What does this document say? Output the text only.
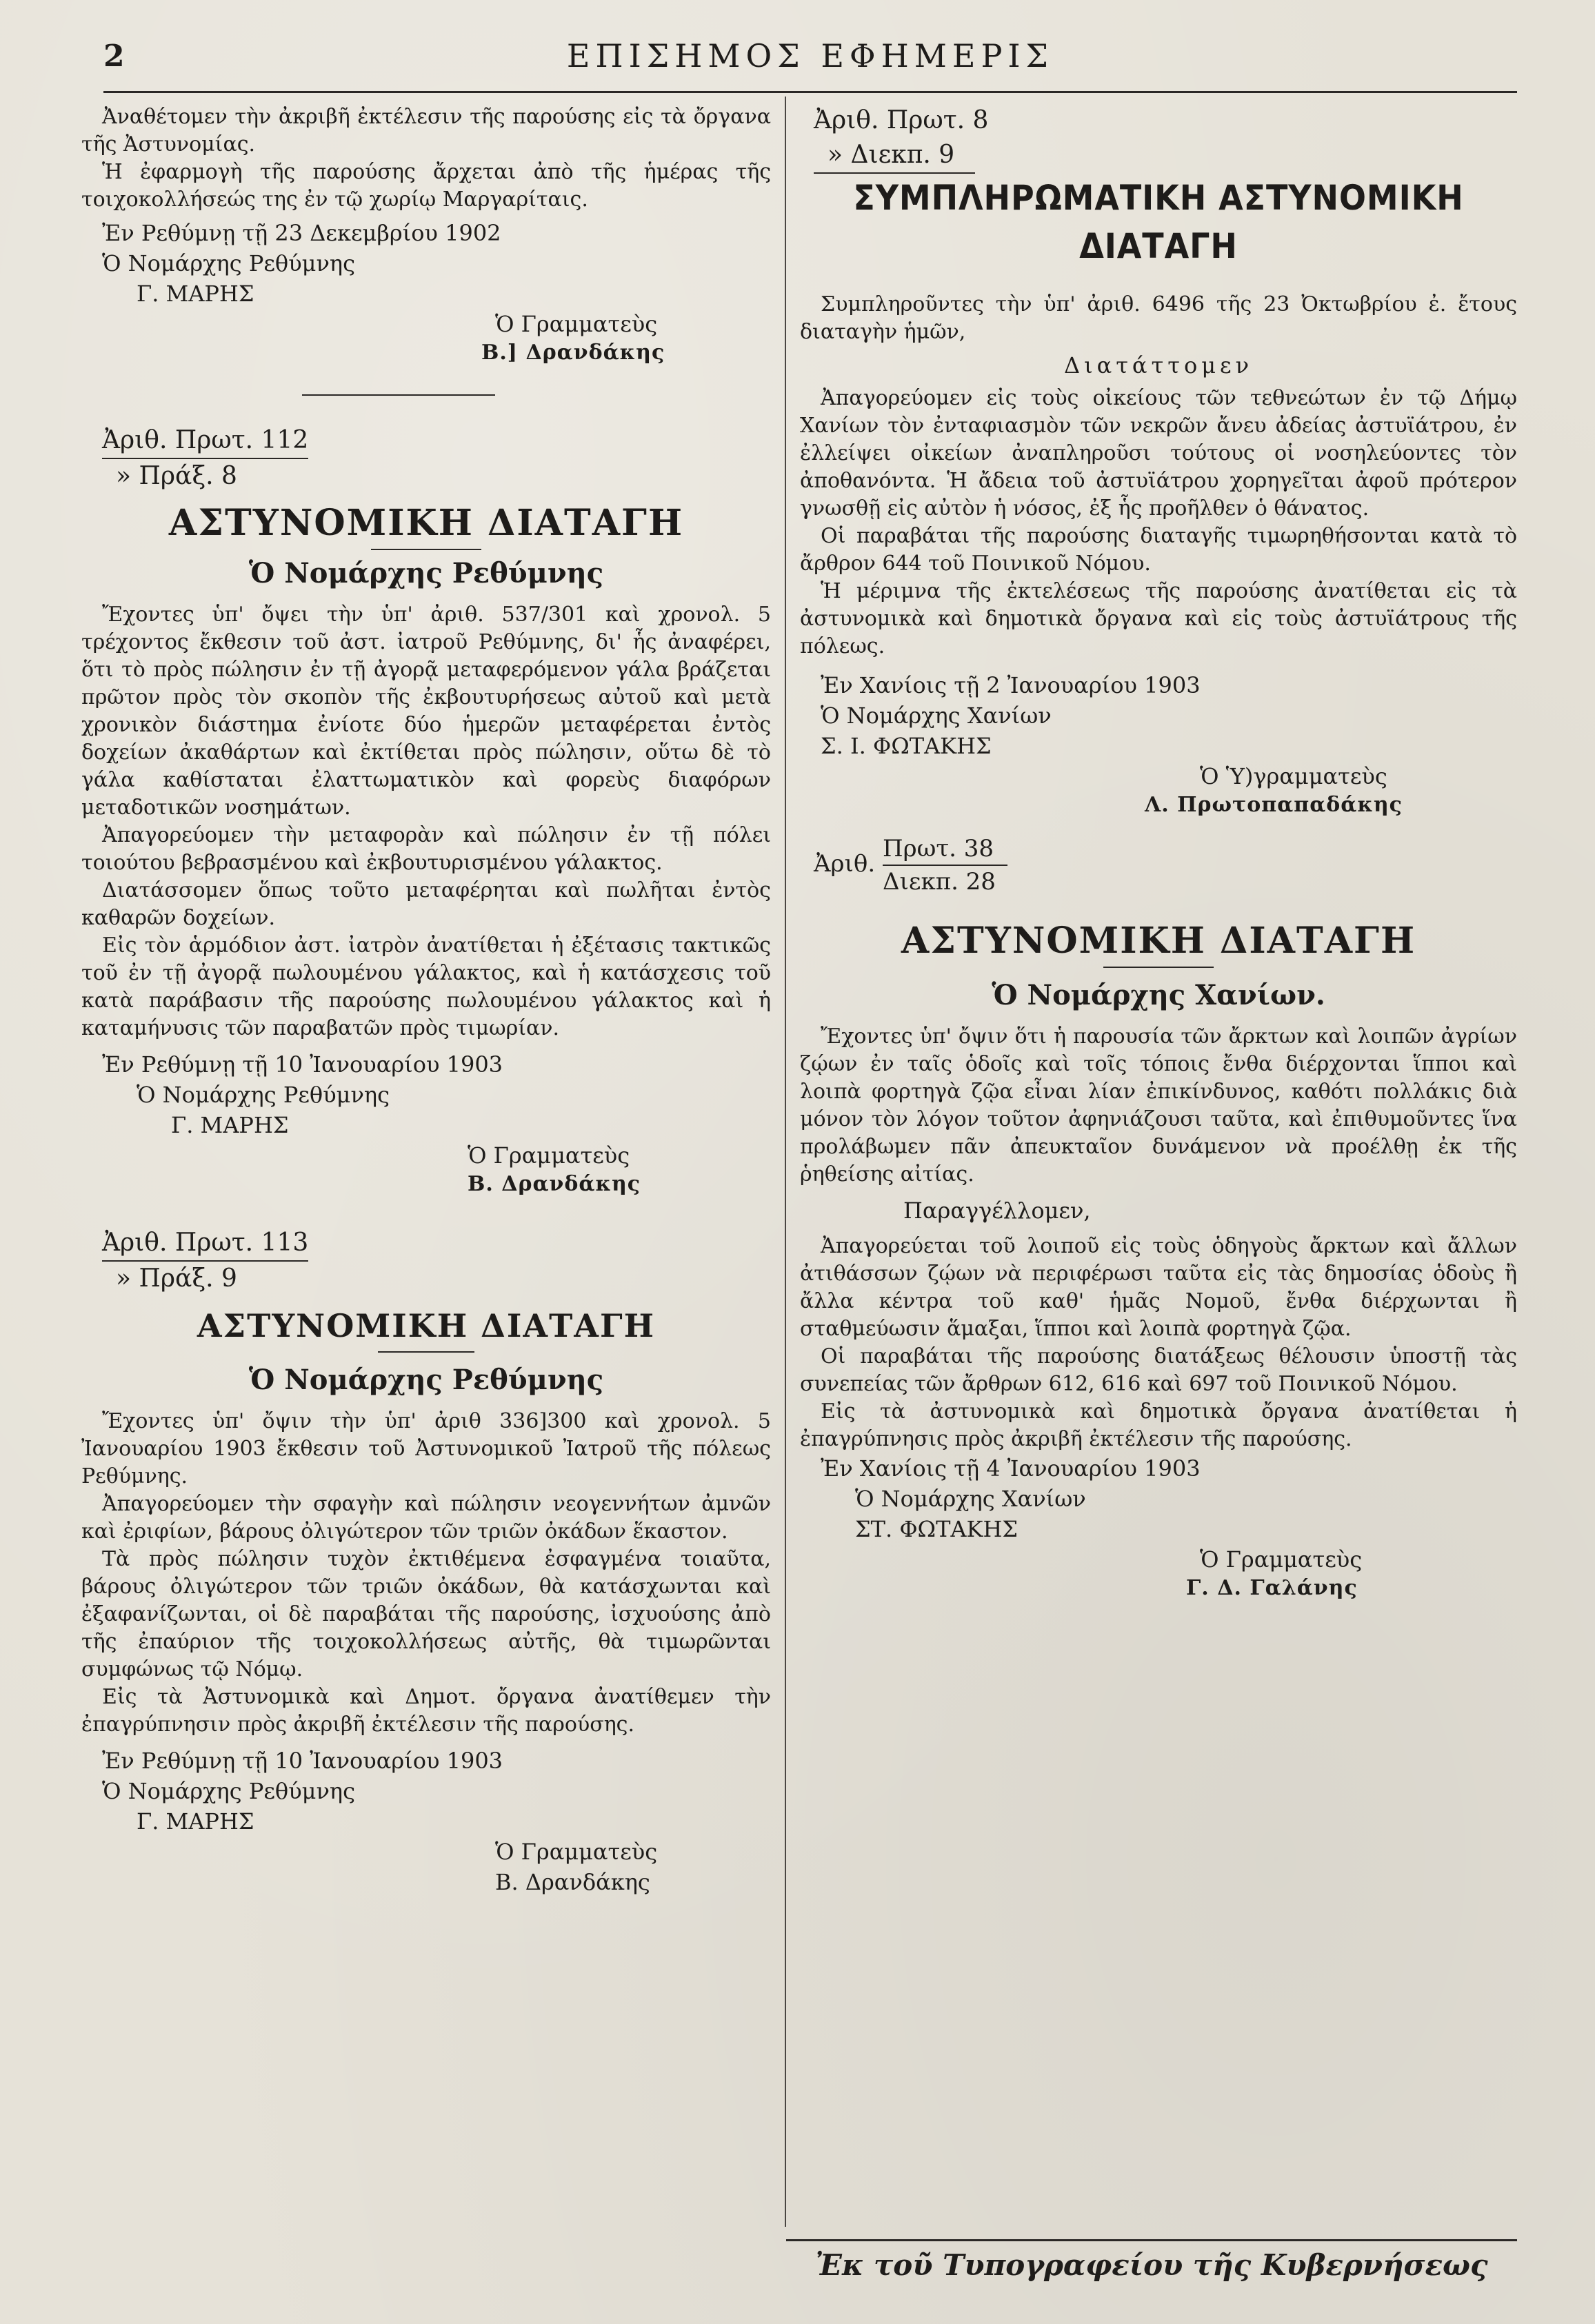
2	ΕΠΙΣΗΜΟΣ ΕΦΗΜΕΡΙΣ

Ἀναθέτομεν τὴν ἀκριβῆ ἐκτέλεσιν τῆς παρούσης εἰς τὰ ὄργανα τῆς Ἀστυνομίας.

Ἡ ἐφαρμογὴ τῆς παρούσης ἄρχεται ἀπὸ τῆς ἡμέρας τῆς τοιχοκολλήσεώς της ἐν τῷ χωρίῳ Μαργαρίταις.

Ἐν Ρεθύμνῃ τῇ 23 Δεκεμβρίου 1902

Ὁ Νομάρχης Ρεθύμνης

Γ. ΜΑΡΗΣ

Ὁ Γραμματεὺς

Β.] Δρανδάκης

Ἀριθ. Πρωτ. 112
» Πράξ. 8
ΑΣΤΥΝΟΜΙΚΗ ΔΙΑΤΑΓΗ
Ὁ Νομάρχης Ρεθύμνης

Ἔχοντες ὑπ' ὄψει τὴν ὑπ' ἀριθ. 537/301 καὶ χρονολ. 5 τρέχοντος ἔκθεσιν τοῦ ἀστ. ἰατροῦ Ρεθύμνης, δι' ἧς ἀναφέρει, ὅτι τὸ πρὸς πώλησιν ἐν τῇ ἀγορᾷ μεταφερόμενον γάλα βράζεται πρῶτον πρὸς τὸν σκοπὸν τῆς ἐκβουτυρήσεως αὐτοῦ καὶ μετὰ χρονικὸν διάστημα ἐνίοτε δύο ἡμερῶν μεταφέρεται ἐντὸς δοχείων ἀκαθάρτων καὶ ἐκτίθεται πρὸς πώλησιν, οὕτω δὲ τὸ γάλα καθίσταται ἐλαττωματικὸν καὶ φορεὺς διαφόρων μεταδοτικῶν νοσημάτων.

Ἀπαγορεύομεν τὴν μεταφορὰν καὶ πώλησιν ἐν τῇ πόλει τοιούτου βεβρασμένου καὶ ἐκβουτυρισμένου γάλακτος.

Διατάσσομεν ὅπως τοῦτο μεταφέρηται καὶ πωλῆται ἐντὸς καθαρῶν δοχείων.

Εἰς τὸν ἁρμόδιον ἀστ. ἰατρὸν ἀνατίθεται ἡ ἐξέτασις τακτικῶς τοῦ ἐν τῇ ἀγορᾷ πωλουμένου γάλακτος, καὶ ἡ κατάσχεσις τοῦ κατὰ παράβασιν τῆς παρούσης πωλουμένου γάλακτος καὶ ἡ καταμήνυσις τῶν παραβατῶν πρὸς τιμωρίαν.

Ἐν Ρεθύμνῃ τῇ 10 Ἰανουαρίου 1903

Ὁ Νομάρχης Ρεθύμνης

Γ. ΜΑΡΗΣ

Ὁ Γραμματεὺς

Β. Δρανδάκης

Ἀριθ. Πρωτ. 113
» Πράξ. 9
ΑΣΤΥΝΟΜΙΚΗ ΔΙΑΤΑΓΗ
Ὁ Νομάρχης Ρεθύμνης

Ἔχοντες ὑπ' ὄψιν τὴν ὑπ' ἀριθ 336]300 καὶ χρονολ. 5 Ἰανουαρίου 1903 ἔκθεσιν τοῦ Ἀστυνομικοῦ Ἰατροῦ τῆς πόλεως Ρεθύμνης.

Ἀπαγορεύομεν τὴν σφαγὴν καὶ πώλησιν νεογεννήτων ἀμνῶν καὶ ἐριφίων, βάρους ὀλιγώτερον τῶν τριῶν ὀκάδων ἕκαστον.

Τὰ πρὸς πώλησιν τυχὸν ἐκτιθέμενα ἐσφαγμένα τοιαῦτα, βάρους ὀλιγώτερον τῶν τριῶν ὀκάδων, θὰ κατάσχωνται καὶ ἐξαφανίζωνται, οἱ δὲ παραβάται τῆς παρούσης, ἰσχυούσης ἀπὸ τῆς ἐπαύριον τῆς τοιχοκολλήσεως αὐτῆς, θὰ τιμωρῶνται συμφώνως τῷ Νόμῳ.

Εἰς τὰ Ἀστυνομικὰ καὶ Δημοτ. ὄργανα ἀνατίθεμεν τὴν ἐπαγρύπνησιν πρὸς ἀκριβῆ ἐκτέλεσιν τῆς παρούσης.

Ἐν Ρεθύμνῃ τῇ 10 Ἰανουαρίου 1903

Ὁ Νομάρχης Ρεθύμνης

Γ. ΜΑΡΗΣ

Ὁ Γραμματεὺς

Β. Δρανδάκης

Ἀριθ. Πρωτ. 8
» Διεκπ. 9
ΣΥΜΠΛΗΡΩΜΑΤΙΚΗ ΑΣΤΥΝΟΜΙΚΗ ΔΙΑΤΑΓΗ

Συμπληροῦντες τὴν ὑπ' ἀριθ. 6496 τῆς 23 Ὀκτωβρίου ἐ. ἔτους διαταγὴν ἡμῶν,

Διατάττομεν

Ἀπαγορεύομεν εἰς τοὺς οἰκείους τῶν τεθνεώτων ἐν τῷ Δήμῳ Χανίων τὸν ἐνταφιασμὸν τῶν νεκρῶν ἄνευ ἀδείας ἀστυϊάτρου, ἐν ἐλλείψει οἰκείων ἀναπληροῦσι τούτους οἱ νοσηλεύοντες τὸν ἀποθανόντα. Ἡ ἄδεια τοῦ ἀστυϊάτρου χορηγεῖται ἀφοῦ πρότερον γνωσθῇ εἰς αὐτὸν ἡ νόσος, ἐξ ἧς προῆλθεν ὁ θάνατος.

Οἱ παραβάται τῆς παρούσης διαταγῆς τιμωρηθήσονται κατὰ τὸ ἄρθρον 644 τοῦ Ποινικοῦ Νόμου.

Ἡ μέριμνα τῆς ἐκτελέσεως τῆς παρούσης ἀνατίθεται εἰς τὰ ἀστυνομικὰ καὶ δημοτικὰ ὄργανα καὶ εἰς τοὺς ἀστυϊάτρους τῆς πόλεως.

Ἐν Χανίοις τῇ 2 Ἰανουαρίου 1903

Ὁ Νομάρχης Χανίων

Σ. Ι. ΦΩΤΑΚΗΣ

Ὁ Ὑ)γραμματεὺς

Λ. Πρωτοπαπαδάκης

Ἀριθ.
Πρωτ. 38
Διεκπ. 28
ΑΣΤΥΝΟΜΙΚΗ ΔΙΑΤΑΓΗ
Ὁ Νομάρχης Χανίων.

Ἔχοντες ὑπ' ὄψιν ὅτι ἡ παρουσία τῶν ἄρκτων καὶ λοιπῶν ἀγρίων ζῴων ἐν ταῖς ὁδοῖς καὶ τοῖς τόποις ἔνθα διέρχονται ἵπποι καὶ λοιπὰ φορτηγὰ ζῷα εἶναι λίαν ἐπικίνδυνος, καθότι πολλάκις διὰ μόνον τὸν λόγον τοῦτον ἀφηνιάζουσι ταῦτα, καὶ ἐπιθυμοῦντες ἵνα προλάβωμεν πᾶν ἀπευκταῖον δυνάμενον νὰ προέλθῃ ἐκ τῆς ῥηθείσης αἰτίας.

Παραγγέλλομεν,

Ἀπαγορεύεται τοῦ λοιποῦ εἰς τοὺς ὁδηγοὺς ἄρκτων καὶ ἄλλων ἀτιθάσσων ζῴων νὰ περιφέρωσι ταῦτα εἰς τὰς δημοσίας ὁδοὺς ἢ ἄλλα κέντρα τοῦ καθ' ἡμᾶς Νομοῦ, ἔνθα διέρχωνται ἢ σταθμεύωσιν ἅμαξαι, ἵπποι καὶ λοιπὰ φορτηγὰ ζῷα.

Οἱ παραβάται τῆς παρούσης διατάξεως θέλουσιν ὑποστῇ τὰς συνεπείας τῶν ἄρθρων 612, 616 καὶ 697 τοῦ Ποινικοῦ Νόμου.

Εἰς τὰ ἀστυνομικὰ καὶ δημοτικὰ ὄργανα ἀνατίθεται ἡ ἐπαγρύπνησις πρὸς ἀκριβῆ ἐκτέλεσιν τῆς παρούσης.

Ἐν Χανίοις τῇ 4 Ἰανουαρίου 1903

Ὁ Νομάρχης Χανίων

ΣΤ. ΦΩΤΑΚΗΣ

Ὁ Γραμματεὺς

Γ. Δ. Γαλάνης

Ἐκ τοῦ Τυπογραφείου τῆς Κυβερνήσεως
